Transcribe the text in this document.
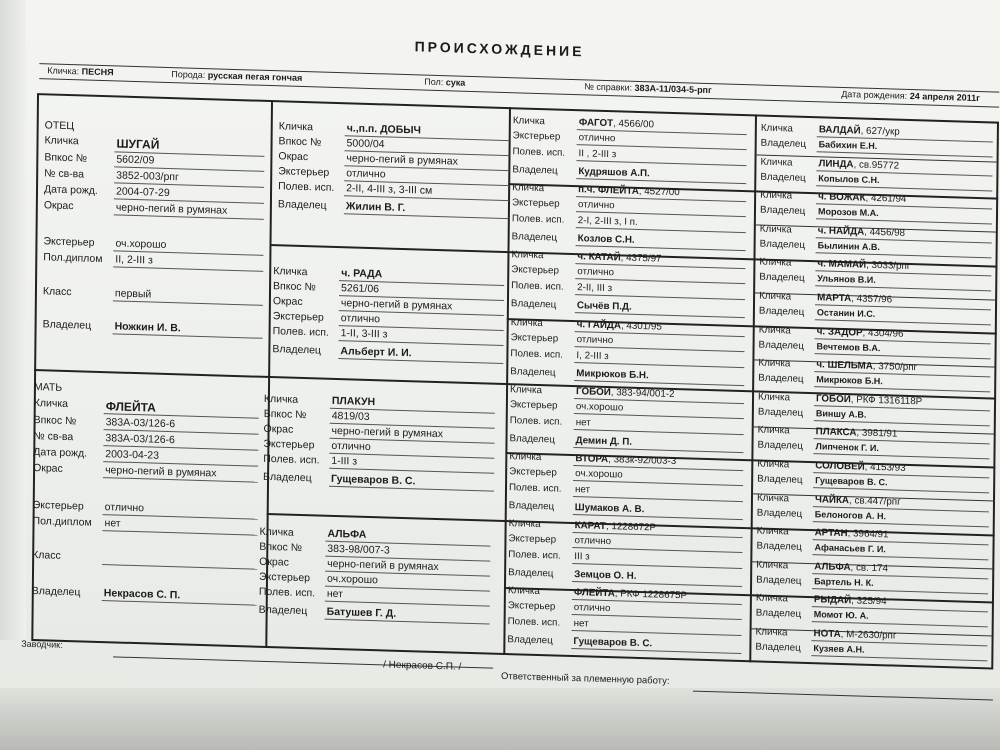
ПРОИСХОЖДЕНИЕ
Кличка: ПЕСНЯ	Порода: русская пегая гончая	Пол: сука	№ справки: 383А-11/034-5-рпг	Дата рождения: 24 апреля 2011г
ОТЕЦ
Кличка	ШУГАЙ
Впкос №	5602/09
№ св-ва	3852-003/рпг
Дата рожд. 2004-07-29
Окрас	черно-пегий в румянах
Экстерьер оч.хорошо
Пол.диплом II, 2-III з
Класс	первый
Владелец Ножкин И. В.
МАТЬ
Кличка	ФЛЕЙТА
Впкос №	383А-03/126-6
№ св-ва	383А-03/126-6
Дата рожд. 2003-04-23
Окрас	черно-пегий в румянах
Экстерьер отлично
Пол.диплом нет
Класс
Владелец Некрасов С. П.
Кличка	ч.,п.п. ДОБЫЧ
Впкос № 5000/04
Окрас	черно-пегий в румянах
Экстерьер отлично
Полев. исп. 2-II, 4-III з, 3-III см
Владелец Жилин В. Г.
Кличка	ч. РАДА
Впкос № 5261/06
Окрас	черно-пегий в румянах
Экстерьер отлично
Полев. исп. 1-II, 3-III з
Владелец Альберт И. И.
Кличка	ПЛАКУН
Впкос № 4819/03
Окрас	черно-пегий в румянах
Экстерьер отлично
Полев. исп. 1-III з
Владелец Гущеваров В. С.
Кличка	АЛЬФА
Впкос № 383-98/007-3
Окрас	черно-пегий в румянах
Экстерьер оч.хорошо
Полев. исп. нет
Владелец Батушев Г. Д.
Кличка	ФАГОТ, 4566/00
Экстерьер отлично
Полев. исп. II , 2-III з
Владелец Кудряшов А.П.
Кличка	п.ч. ФЛЕЙТА, 4527/00
Экстерьер отлично
Полев. исп. 2-I, 2-III з, I п.
Владелец Козлов С.Н.
Кличка	ч. КАТАЙ, 4375/97
Экстерьер отлично
Полев. исп. 2-II, III з
Владелец Сычёв П.Д.
Кличка	ч. ГАЙДА, 4301/95
Экстерьер отлично
Полев. исп. I, 2-III з
Владелец Микрюков Б.Н.
Кличка	ГОБОЙ, 383-94/001-2
Экстерьер оч.хорошо
Полев. исп. нет
Владелец Демин Д. П.
Кличка	ВТОРА, 383к-92/003-3
Экстерьер оч.хорошо
Полев. исп. нет
Владелец Шумаков А. В.
Кличка	КАРАТ, 1228672Р
Экстерьер отлично
Полев. исп. III з
Владелец Земцов О. Н.
Кличка	ФЛЕЙТА, РКФ 1228675Р
Экстерьер отлично
Полев. исп. нет
Владелец Гущеваров В. С.
Кличка	ВАЛДАЙ, 627/укр
Владелец Бабихин Е.Н.
Кличка	ЛИНДА, св.95772
Владелец Копылов С.Н.
Кличка	ч. ВОЖАК, 4261/94
Владелец Морозов М.А.
Кличка	ч. НАЙДА, 4456/98
Владелец Былинин А.В.
Кличка	ч. МАМАЙ, 3033/рпг
Владелец Ульянов В.И.
Кличка	МАРТА, 4357/96
Владелец Останин И.С.
Кличка	ч. ЗАДОР, 4304/96
Владелец Вечтемов В.А.
Кличка	ч. ШЕЛЬМА, 3750/рпг
Владелец Микрюков Б.Н.
Кличка	ГОБОЙ, РКФ 1316118Р
Владелец Виншу А.В.
Кличка	ПЛАКСА, 3981/91
Владелец Липченок Г. И.
Кличка	СОЛОВЕЙ, 4153/93
Владелец Гущеваров В. С.
Кличка	ЧАЙКА, св.447/рпг
Владелец Белоногов А. Н.
Кличка	АРТАН, 3964/91
Владелец Афанасьев Г. И.
Кличка	АЛЬФА, св. 174
Владелец Бартель Н. К.
Кличка	РЫДАЙ, 325/94
Владелец Момот Ю. А.
Кличка	НОТА, М-2630/рпг
Владелец Кузяев А.Н.
Заводчик:
/ Некрасов С.П. /
Ответственный за племенную работу:
